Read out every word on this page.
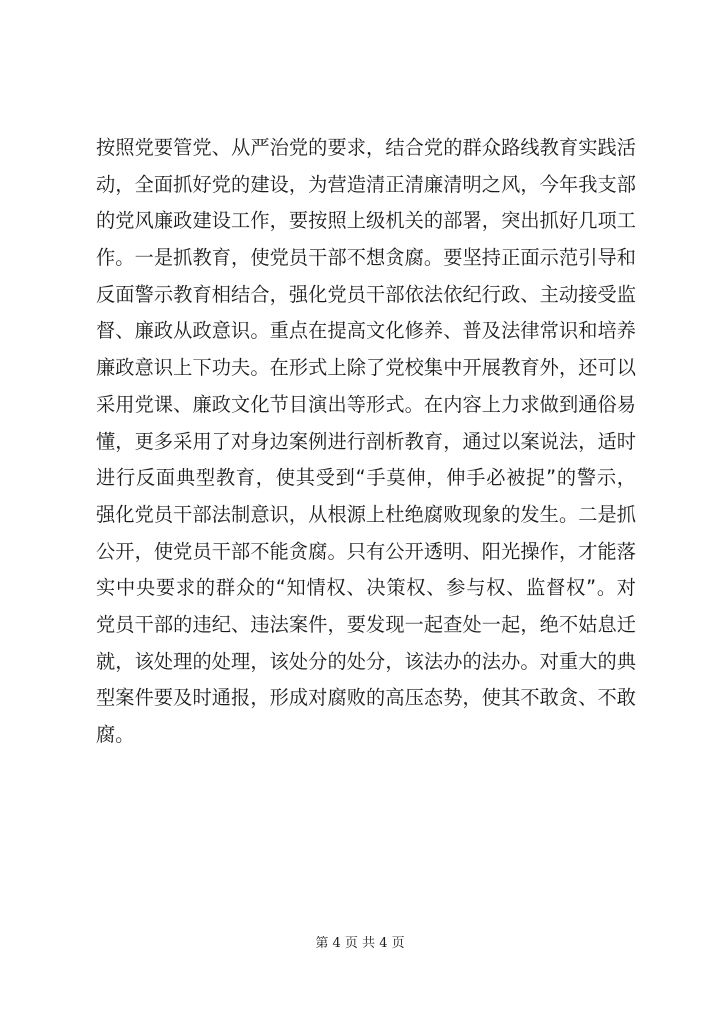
按照党要管党、从严治党的要求，结合党的群众路线教育实践活
动，全面抓好党的建设，为营造清正清廉清明之风，今年我支部
的党风廉政建设工作，要按照上级机关的部署，突出抓好几项工
作。一是抓教育，使党员干部不想贪腐。要坚持正面示范引导和
反面警示教育相结合，强化党员干部依法依纪行政、主动接受监
督、廉政从政意识。重点在提高文化修养、普及法律常识和培养
廉政意识上下功夫。在形式上除了党校集中开展教育外，还可以
采用党课、廉政文化节目演出等形式。在内容上力求做到通俗易
懂，更多采用了对身边案例进行剖析教育，通过以案说法，适时
进行反面典型教育，使其受到“手莫伸，伸手必被捉”的警示，
强化党员干部法制意识，从根源上杜绝腐败现象的发生。二是抓
公开，使党员干部不能贪腐。只有公开透明、阳光操作，才能落
实中央要求的群众的“知情权、决策权、参与权、监督权”。对
党员干部的违纪、违法案件，要发现一起查处一起，绝不姑息迁
就，该处理的处理，该处分的处分，该法办的法办。对重大的典
型案件要及时通报，形成对腐败的高压态势，使其不敢贪、不敢
腐。
第 4 页 共 4 页
